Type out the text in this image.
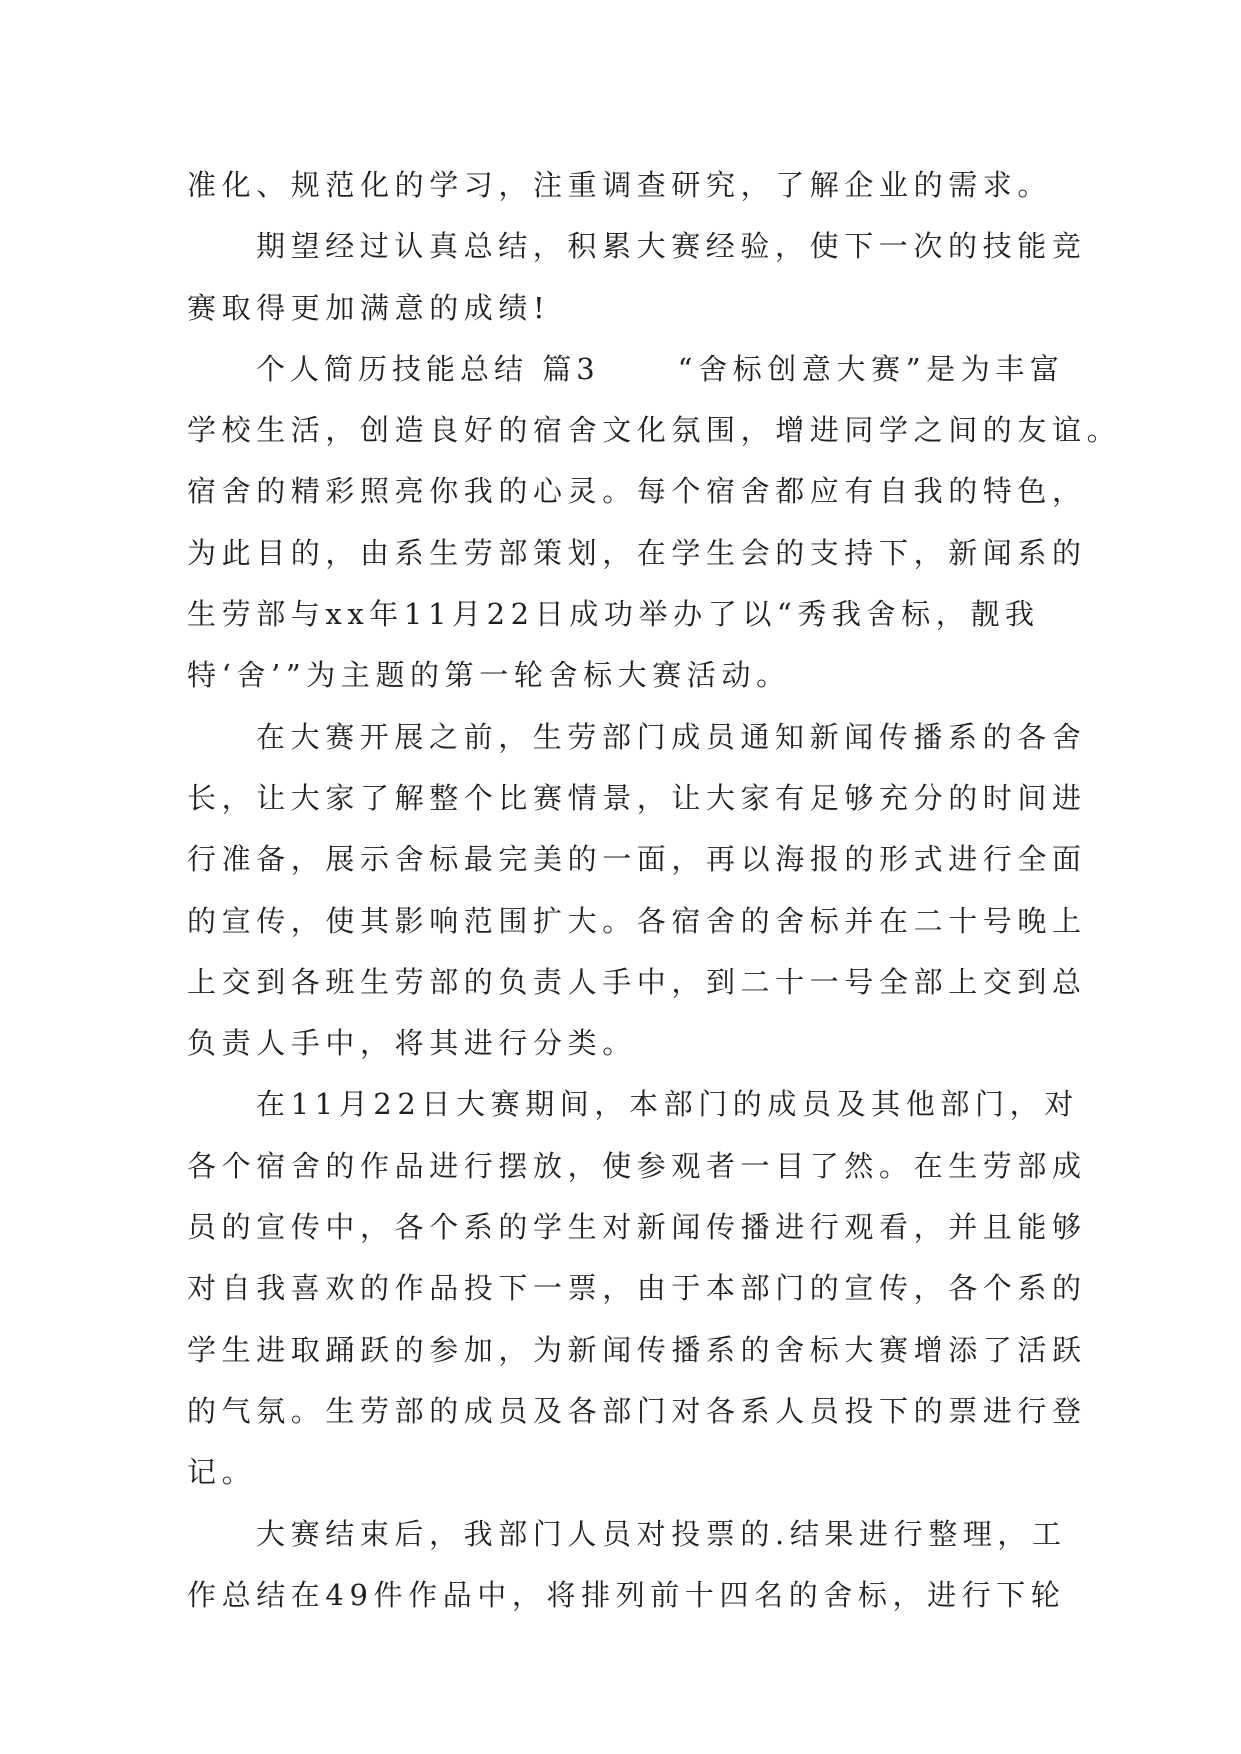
准化、规范化的学习，注重调查研究，了解企业的需求。

期望经过认真总结，积累大赛经验，使下一次的技能竞
赛取得更加满意的成绩!

个人简历技能总结 篇3	“舍标创意大赛”是为丰富
学校生活，创造良好的宿舍文化氛围，增进同学之间的友谊。
宿舍的精彩照亮你我的心灵。每个宿舍都应有自我的特色，
为此目的，由系生劳部策划，在学生会的支持下，新闻系的
生劳部与xx年11月22日成功举办了以“秀我舍标，靓我
特‘舍’”为主题的第一轮舍标大赛活动。

在大赛开展之前，生劳部门成员通知新闻传播系的各舍
长，让大家了解整个比赛情景，让大家有足够充分的时间进
行准备，展示舍标最完美的一面，再以海报的形式进行全面
的宣传，使其影响范围扩大。各宿舍的舍标并在二十号晚上
上交到各班生劳部的负责人手中，到二十一号全部上交到总
负责人手中，将其进行分类。

在11月22日大赛期间，本部门的成员及其他部门，对
各个宿舍的作品进行摆放，使参观者一目了然。在生劳部成
员的宣传中，各个系的学生对新闻传播进行观看，并且能够
对自我喜欢的作品投下一票，由于本部门的宣传，各个系的
学生进取踊跃的参加，为新闻传播系的舍标大赛增添了活跃
的气氛。生劳部的成员及各部门对各系人员投下的票进行登
记。

大赛结束后，我部门人员对投票的.结果进行整理，工
作总结在49件作品中，将排列前十四名的舍标，进行下轮
